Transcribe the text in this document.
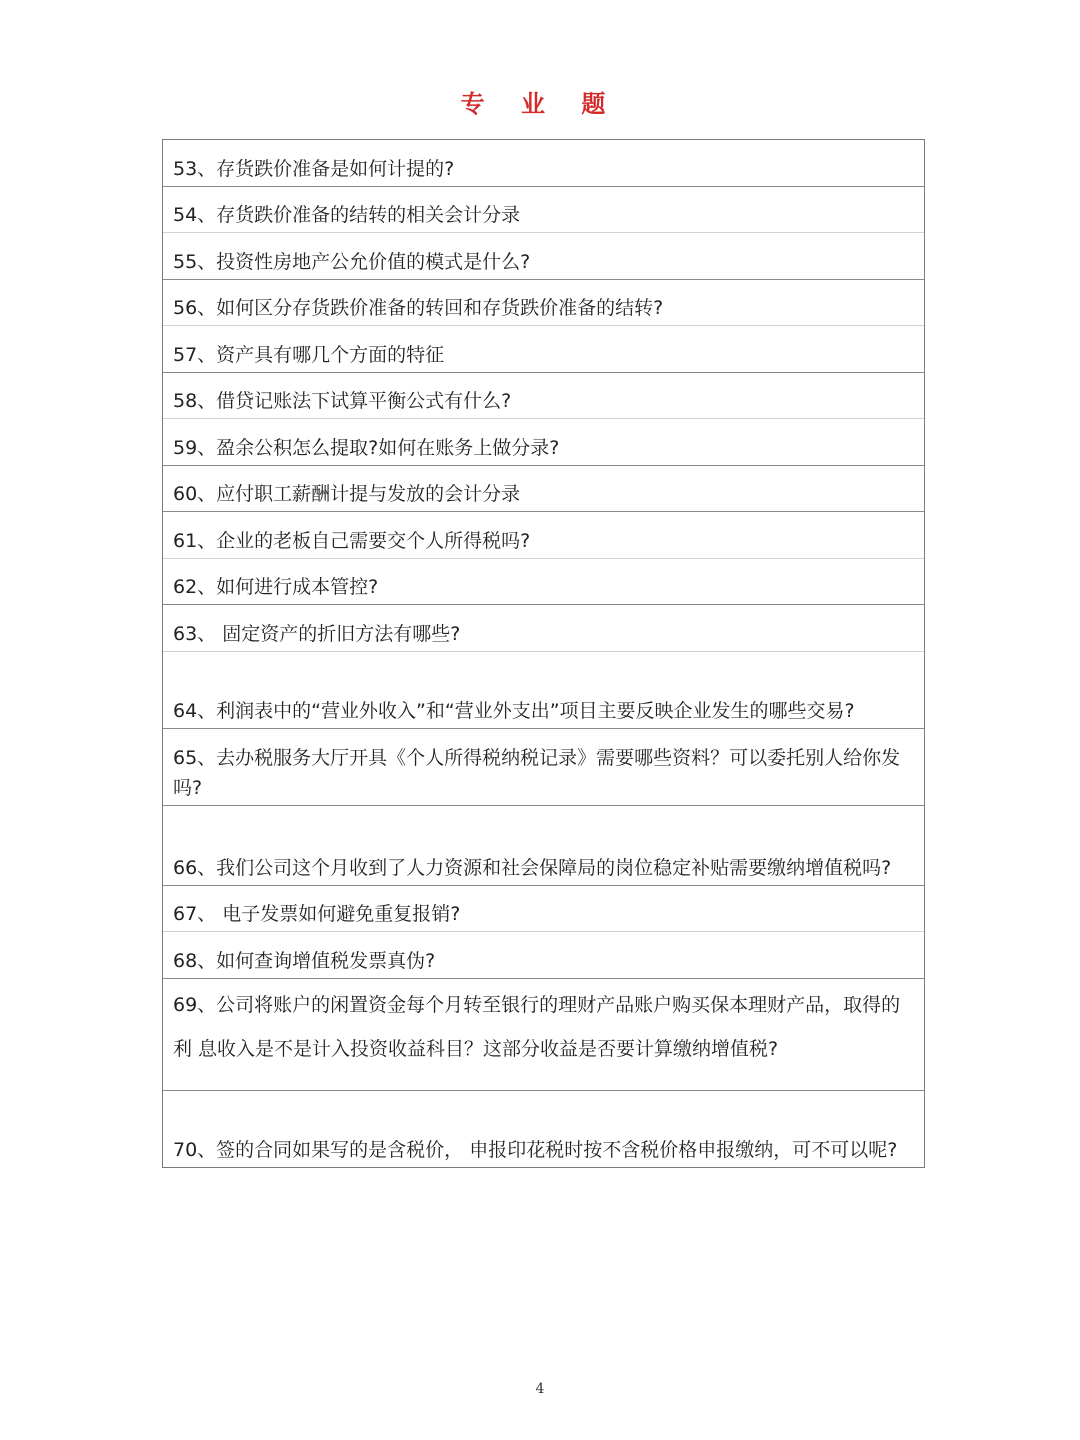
专 业 题
53、存货跌价准备是如何计提的?
54、存货跌价准备的结转的相关会计分录
55、投资性房地产公允价值的模式是什么?
56、如何区分存货跌价准备的转回和存货跌价准备的结转?
57、资产具有哪几个方面的特征
58、借贷记账法下试算平衡公式有什么?
59、盈余公积怎么提取?如何在账务上做分录?
60、应付职工薪酬计提与发放的会计分录
61、企业的老板自己需要交个人所得税吗?
62、如何进行成本管控?
63、 固定资产的折旧方法有哪些?
64、利润表中的“营业外收入”和“营业外支出”项目主要反映企业发生的哪些交易?
65、去办税服务大厅开具《个人所得税纳税记录》需要哪些资料？可以委托别人给你发吗?
66、我们公司这个月收到了人力资源和社会保障局的岗位稳定补贴需要缴纳增值税吗?
67、 电子发票如何避免重复报销?
68、如何查询增值税发票真伪?
69、公司将账户的闲置资金每个月转至银行的理财产品账户购买保本理财产品，取得的利 息收入是不是计入投资收益科目？这部分收益是否要计算缴纳增值税?
70、签的合同如果写的是含税价， 申报印花税时按不含税价格申报缴纳，可不可以呢?
4
